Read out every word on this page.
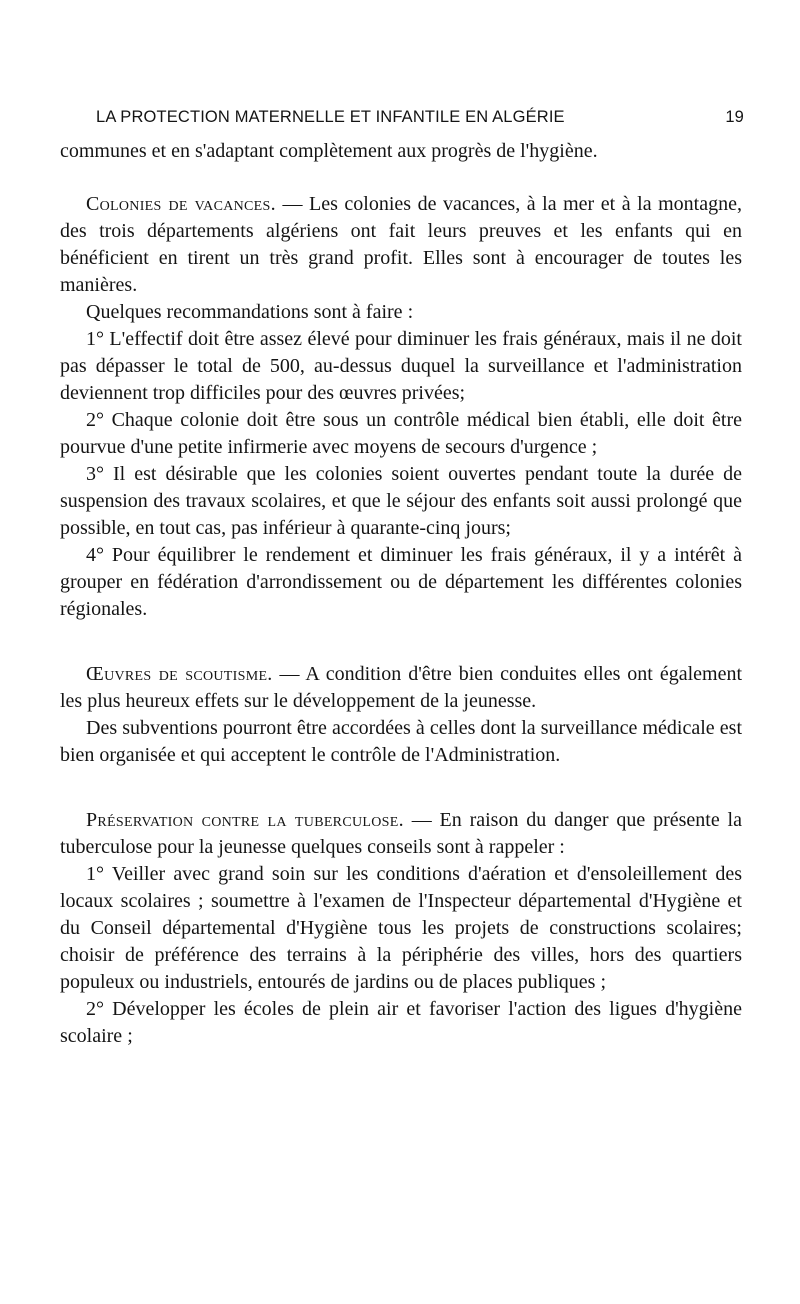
LA PROTECTION MATERNELLE ET INFANTILE EN ALGÉRIE	19

communes et en s'adaptant complètement aux progrès de l'hygiène.

Colonies de vacances. — Les colonies de vacances, à la mer et à la montagne, des trois départements algériens ont fait leurs preuves et les enfants qui en bénéficient en tirent un très grand profit. Elles sont à encourager de toutes les manières.

Quelques recommandations sont à faire :

1° L'effectif doit être assez élevé pour diminuer les frais généraux, mais il ne doit pas dépasser le total de 500, au-dessus duquel la surveillance et l'administration deviennent trop difficiles pour des œuvres privées;

2° Chaque colonie doit être sous un contrôle médical bien établi, elle doit être pourvue d'une petite infirmerie avec moyens de secours d'urgence ;

3° Il est désirable que les colonies soient ouvertes pendant toute la durée de suspension des travaux scolaires, et que le séjour des enfants soit aussi prolongé que possible, en tout cas, pas inférieur à quarante-cinq jours;

4° Pour équilibrer le rendement et diminuer les frais généraux, il y a intérêt à grouper en fédération d'arrondissement ou de département les différentes colonies régionales.

Œuvres de scoutisme. — A condition d'être bien conduites elles ont également les plus heureux effets sur le développement de la jeunesse.

Des subventions pourront être accordées à celles dont la surveillance médicale est bien organisée et qui acceptent le contrôle de l'Administration.

Préservation contre la tuberculose. — En raison du danger que présente la tuberculose pour la jeunesse quelques conseils sont à rappeler :

1° Veiller avec grand soin sur les conditions d'aération et d'ensoleillement des locaux scolaires ; soumettre à l'examen de l'Inspecteur départemental d'Hygiène et du Conseil départemental d'Hygiène tous les projets de constructions scolaires; choisir de préférence des terrains à la périphérie des villes, hors des quartiers populeux ou industriels, entourés de jardins ou de places publiques ;

2° Développer les écoles de plein air et favoriser l'action des ligues d'hygiène scolaire ;
